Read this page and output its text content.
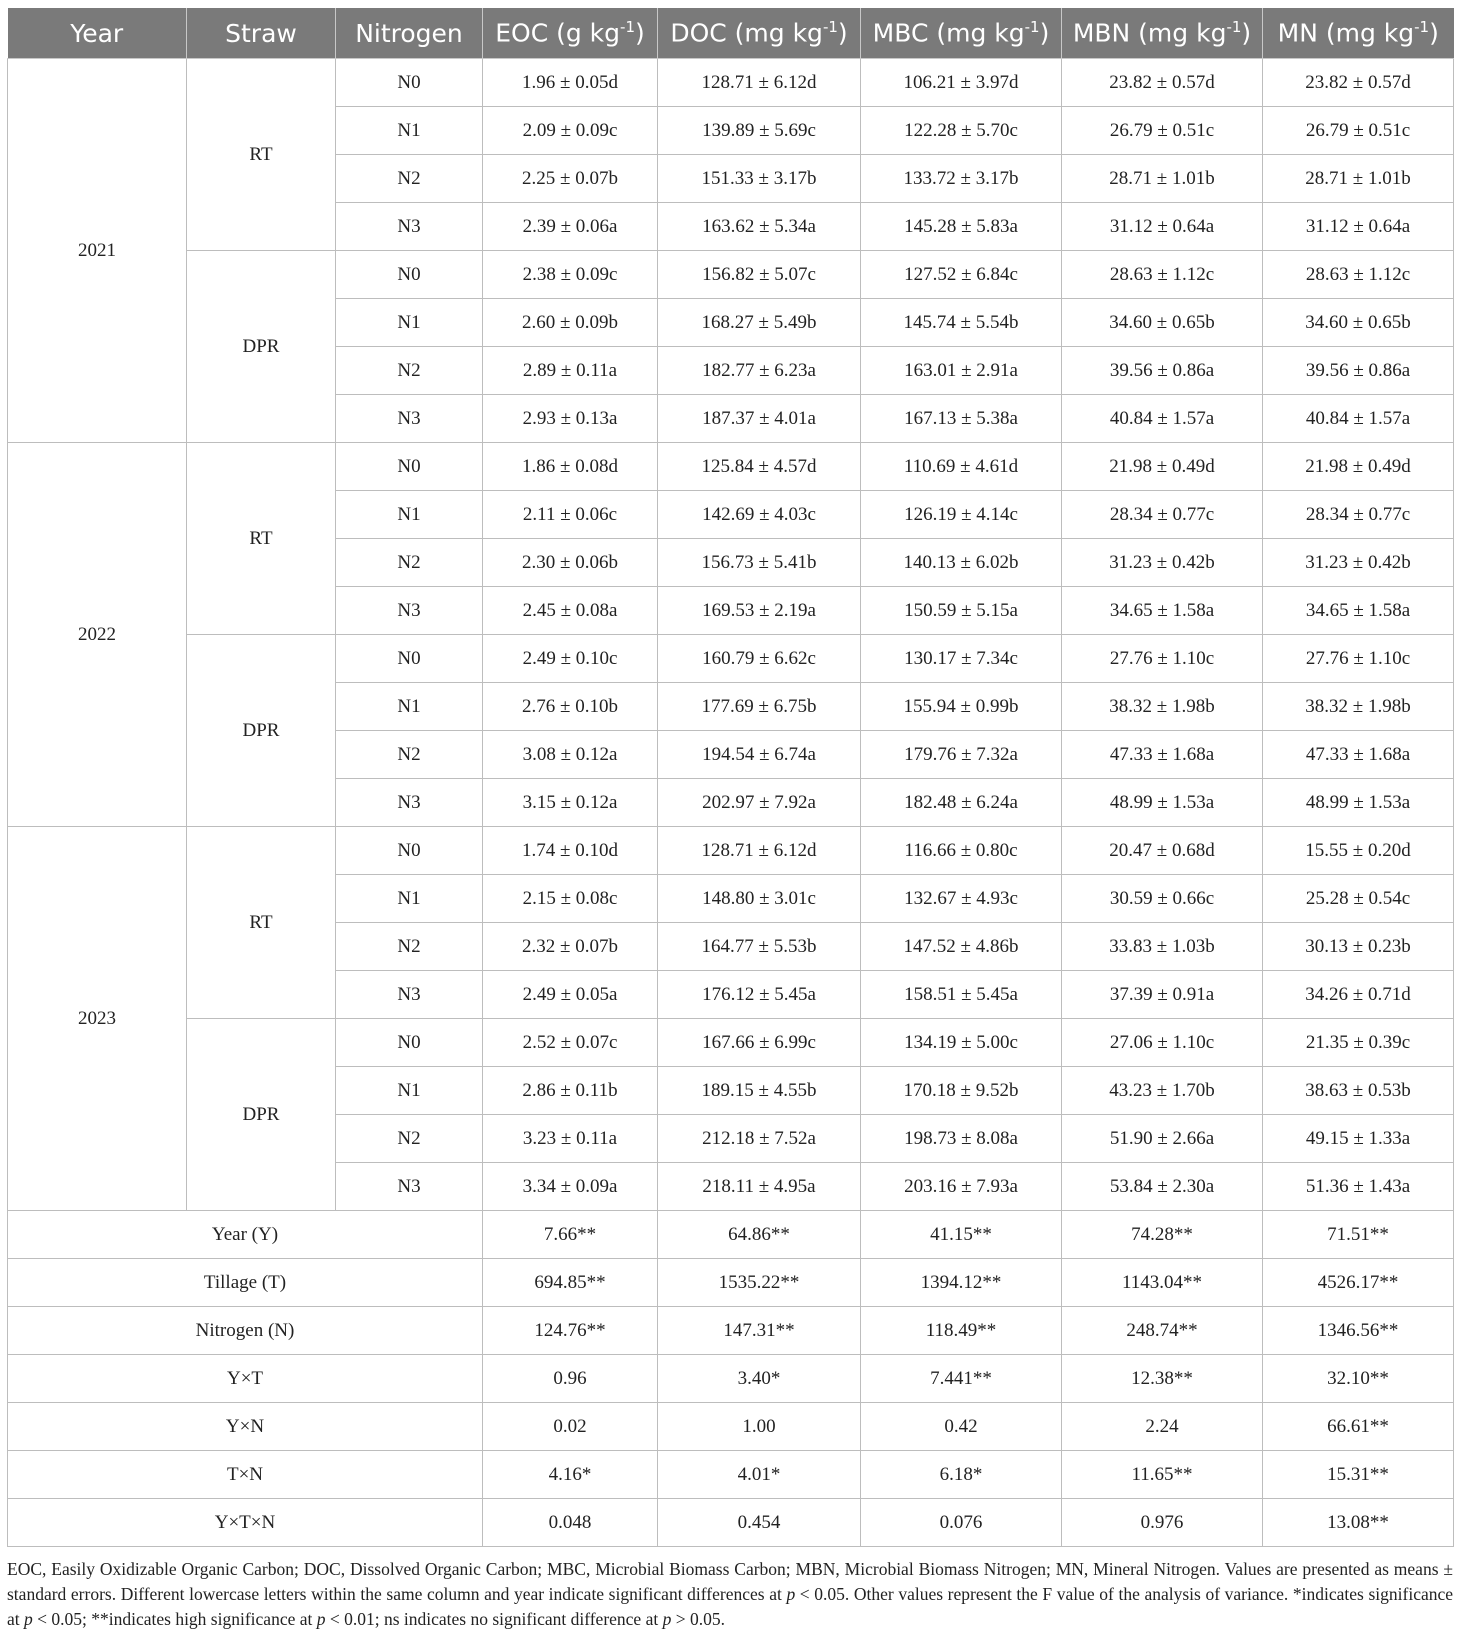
Year	Straw	Nitrogen	EOC (g $kg^{-1}$)	DOC (mg $kg^{-1}$)	MBC (mg $kg^{-1}$)	MBN (mg $kg^{-1}$)	MN (mg $kg^{-1}$)
2021	RT	N0	1.96 ± 0.05d	128.71 ± 6.12d	106.21 ± 3.97d	23.82 ± 0.57d	23.82 ± 0.57d
		N1	2.09 ± 0.09c	139.89 ± 5.69c	122.28 ± 5.70c	26.79 ± 0.51c	26.79 ± 0.51c
		N2	2.25 ± 0.07b	151.33 ± 3.17b	133.72 ± 3.17b	28.71 ± 1.01b	28.71 ± 1.01b
		N3	2.39 ± 0.06a	163.62 ± 5.34a	145.28 ± 5.83a	31.12 ± 0.64a	31.12 ± 0.64a
	DPR	N0	2.38 ± 0.09c	156.82 ± 5.07c	127.52 ± 6.84c	28.63 ± 1.12c	28.63 ± 1.12c
		N1	2.60 ± 0.09b	168.27 ± 5.49b	145.74 ± 5.54b	34.60 ± 0.65b	34.60 ± 0.65b
		N2	2.89 ± 0.11a	182.77 ± 6.23a	163.01 ± 2.91a	39.56 ± 0.86a	39.56 ± 0.86a
		N3	2.93 ± 0.13a	187.37 ± 4.01a	167.13 ± 5.38a	40.84 ± 1.57a	40.84 ± 1.57a
2022	RT	N0	1.86 ± 0.08d	125.84 ± 4.57d	110.69 ± 4.61d	21.98 ± 0.49d	21.98 ± 0.49d
		N1	2.11 ± 0.06c	142.69 ± 4.03c	126.19 ± 4.14c	28.34 ± 0.77c	28.34 ± 0.77c
		N2	2.30 ± 0.06b	156.73 ± 5.41b	140.13 ± 6.02b	31.23 ± 0.42b	31.23 ± 0.42b
		N3	2.45 ± 0.08a	169.53 ± 2.19a	150.59 ± 5.15a	34.65 ± 1.58a	34.65 ± 1.58a
	DPR	N0	2.49 ± 0.10c	160.79 ± 6.62c	130.17 ± 7.34c	27.76 ± 1.10c	27.76 ± 1.10c
		N1	2.76 ± 0.10b	177.69 ± 6.75b	155.94 ± 0.99b	38.32 ± 1.98b	38.32 ± 1.98b
		N2	3.08 ± 0.12a	194.54 ± 6.74a	179.76 ± 7.32a	47.33 ± 1.68a	47.33 ± 1.68a
		N3	3.15 ± 0.12a	202.97 ± 7.92a	182.48 ± 6.24a	48.99 ± 1.53a	48.99 ± 1.53a
2023	RT	N0	1.74 ± 0.10d	128.71 ± 6.12d	116.66 ± 0.80c	20.47 ± 0.68d	15.55 ± 0.20d
		N1	2.15 ± 0.08c	148.80 ± 3.01c	132.67 ± 4.93c	30.59 ± 0.66c	25.28 ± 0.54c
		N2	2.32 ± 0.07b	164.77 ± 5.53b	147.52 ± 4.86b	33.83 ± 1.03b	30.13 ± 0.23b
		N3	2.49 ± 0.05a	176.12 ± 5.45a	158.51 ± 5.45a	37.39 ± 0.91a	34.26 ± 0.71d
	DPR	N0	2.52 ± 0.07c	167.66 ± 6.99c	134.19 ± 5.00c	27.06 ± 1.10c	21.35 ± 0.39c
		N1	2.86 ± 0.11b	189.15 ± 4.55b	170.18 ± 9.52b	43.23 ± 1.70b	38.63 ± 0.53b
		N2	3.23 ± 0.11a	212.18 ± 7.52a	198.73 ± 8.08a	51.90 ± 2.66a	49.15 ± 1.33a
		N3	3.34 ± 0.09a	218.11 ± 4.95a	203.16 ± 7.93a	53.84 ± 2.30a	51.36 ± 1.43a
Year (Y)			7.66**	64.86**	41.15**	74.28**	71.51**
Tillage (T)			694.85**	1535.22**	1394.12**	1143.04**	4526.17**
Nitrogen (N)			124.76**	147.31**	118.49**	248.74**	1346.56**
Y×T			0.96	3.40*	7.441**	12.38**	32.10**
Y×N			0.02	1.00	0.42	2.24	66.61**
T×N			4.16*	4.01*	6.18*	11.65**	15.31**
Y×T×N			0.048	0.454	0.076	0.976	13.08**

EOC, Easily Oxidizable Organic Carbon; DOC, Dissolved Organic Carbon; MBC, Microbial Biomass Carbon; MBN, Microbial Biomass Nitrogen; MN, Mineral Nitrogen. Values are presented as means ± standard errors. Different lowercase letters within the same column and year indicate significant differences at p < 0.05. Other values represent the F value of the analysis of variance. *indicates significance at p < 0.05; **indicates high significance at p < 0.01; ns indicates no significant difference at p > 0.05.
